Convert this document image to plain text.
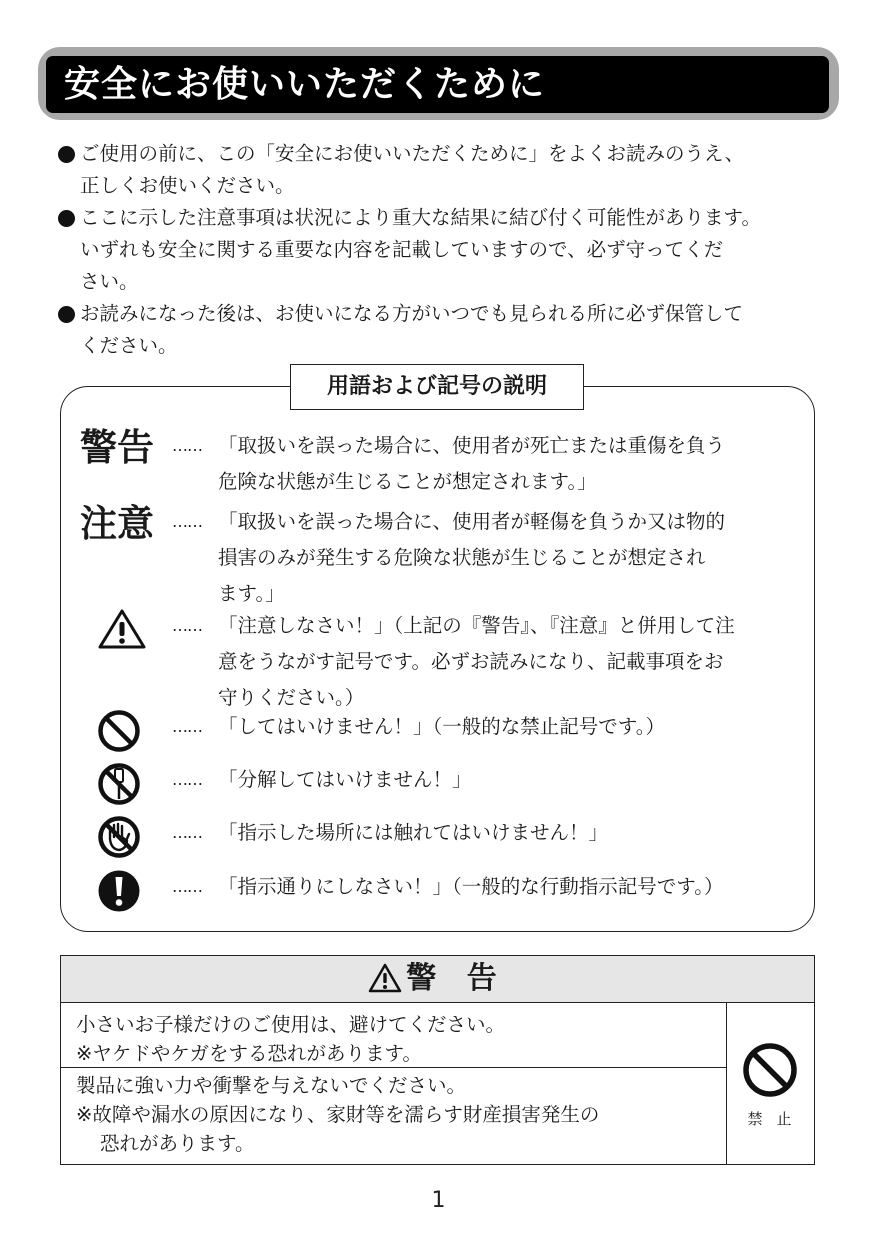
安全にお使いいただくために
ご使用の前に、この「安全にお使いいただくために」をよくお読みのうえ、
正しくお使いください。
ここに示した注意事項は状況により重大な結果に結び付く可能性があります。
いずれも安全に関する重要な内容を記載していますので、必ず守ってくだ
さい。
お読みになった後は、お使いになる方がいつでも見られる所に必ず保管して
ください。
用語および記号の説明
警告	…… 「取扱いを誤った場合に、使用者が死亡または重傷を負う
危険な状態が生じることが想定されます。」
注意	…… 「取扱いを誤った場合に、使用者が軽傷を負うか又は物的
損害のみが発生する危険な状態が生じることが想定され
ます。」
…… 「注意しなさい！」（上記の『警告』、『注意』と併用して注
意をうながす記号です。必ずお読みになり、記載事項をお
守りください。）
…… 「してはいけません！」（一般的な禁止記号です。）
…… 「分解してはいけません！」
…… 「指示した場所には触れてはいけません！」
…… 「指示通りにしなさい！」（一般的な行動指示記号です。）
警 告
小さいお子様だけのご使用は、避けてください。
※ヤケドやケガをする恐れがあります。
製品に強い力や衝撃を与えないでください。
※故障や漏水の原因になり、家財等を濡らす財産損害発生の
恐れがあります。
禁止
1
